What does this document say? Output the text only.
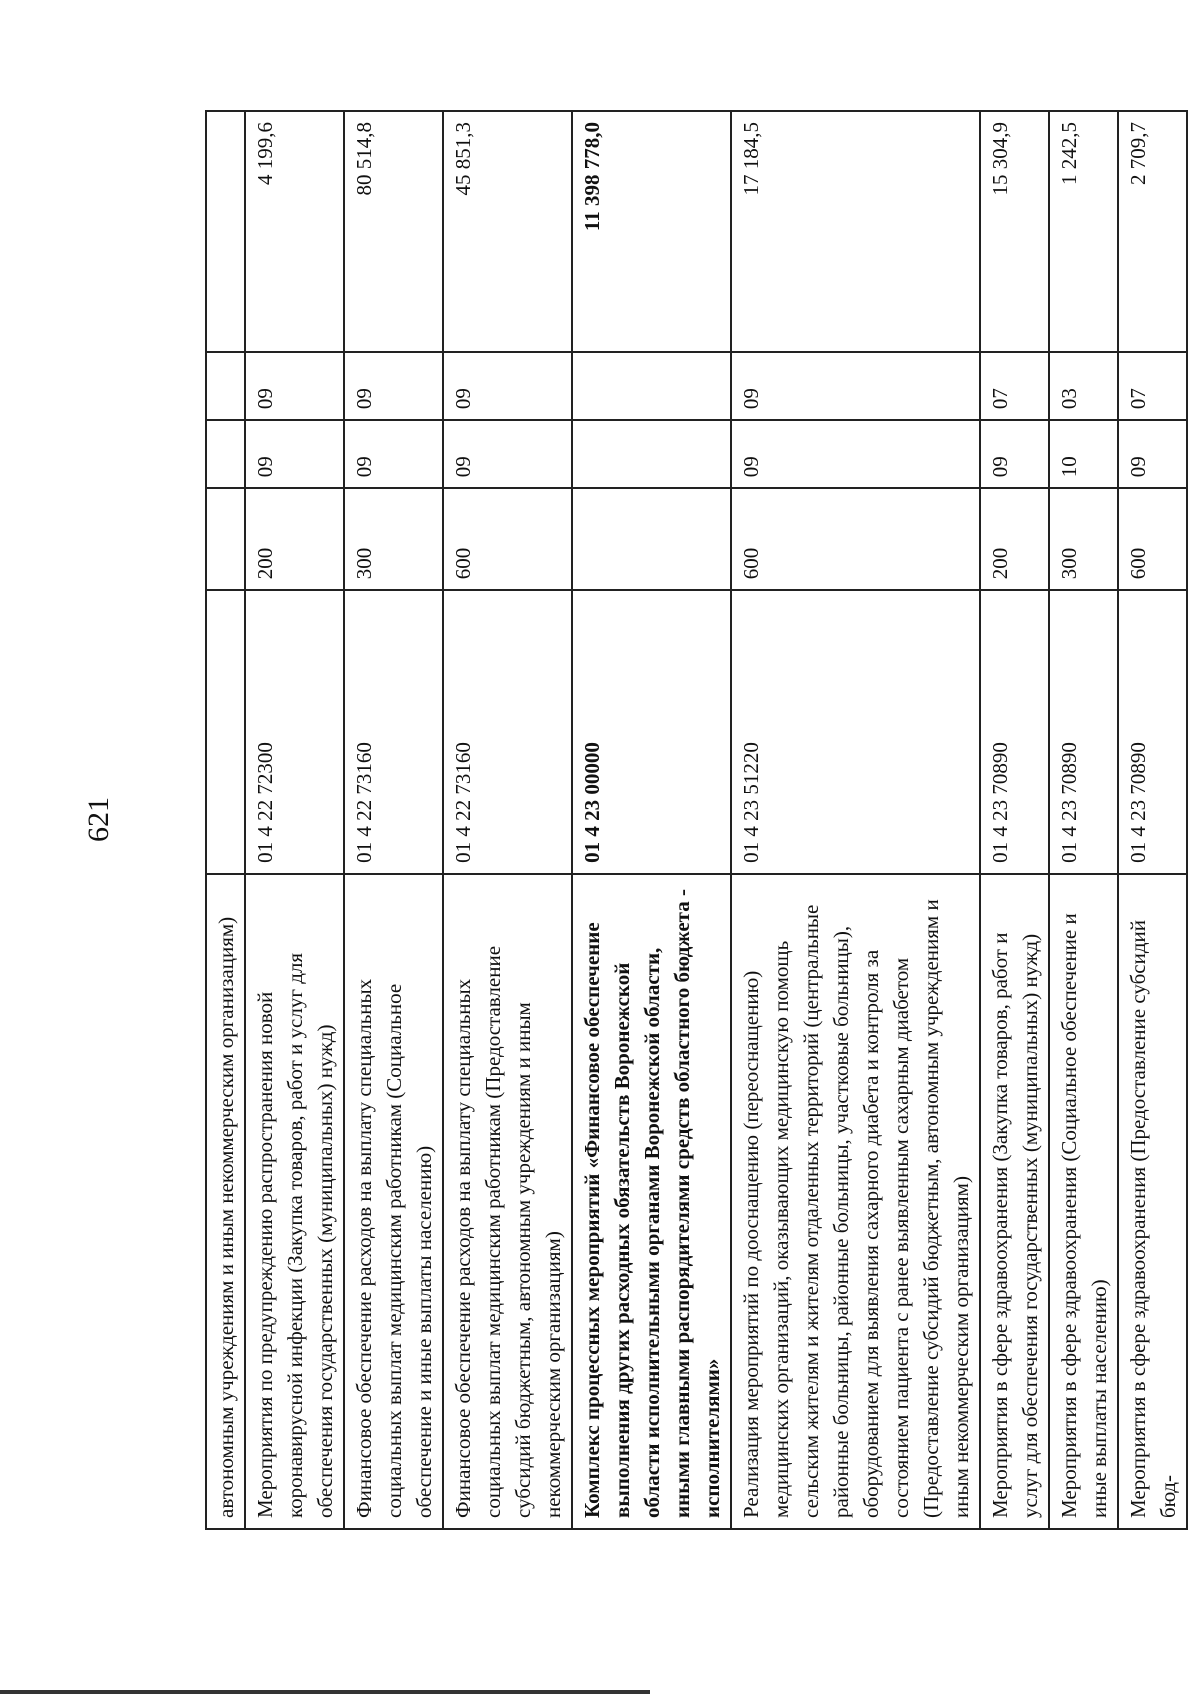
621
автономным учреждениям и иным некоммерческим организациям)					
Мероприятия по предупреждению распространения новой коронавирусной инфекции (Закупка товаров, работ и услуг для обеспечения государственных (муниципальных) нужд)	01 4 22 72300	200	09	09	4 199,6
Финансовое обеспечение расходов на выплату специальных социальных выплат медицинским работникам (Социальное обеспечение и иные выплаты населению)	01 4 22 73160	300	09	09	80 514,8
Финансовое обеспечение расходов на выплату специальных социальных выплат медицинским работникам (Предоставление субсидий бюджетным, автономным учреждениям и иным некоммерческим организациям)	01 4 22 73160	600	09	09	45 851,3
Комплекс процессных мероприятий «Финансовое обеспечение выполнения других расходных обязательств Воронежской области исполнительными органами Воронежской области, иными главными распорядителями средств областного бюджета - исполнителями»	01 4 23 00000				11 398 778,0
Реализация мероприятий по дооснащению (переоснащению) медицинских организаций, оказывающих медицинскую помощь сельским жителям и жителям отдаленных территорий (центральные районные больницы, районные больницы, участковые больницы), оборудованием для выявления сахарного диабета и контроля за состоянием пациента с ранее выявленным сахарным диабетом (Предоставление субсидий бюджетным, автономным учреждениям и иным некоммерческим организациям)	01 4 23 51220	600	09	09	17 184,5
Мероприятия в сфере здравоохранения (Закупка товаров, работ и услуг для обеспечения государственных (муниципальных) нужд)	01 4 23 70890	200	09	07	15 304,9
Мероприятия в сфере здравоохранения (Социальное обеспечение и иные выплаты населению)	01 4 23 70890	300	10	03	1 242,5
Мероприятия в сфере здравоохранения (Предоставление субсидий бюд-	01 4 23 70890	600	09	07	2 709,7
